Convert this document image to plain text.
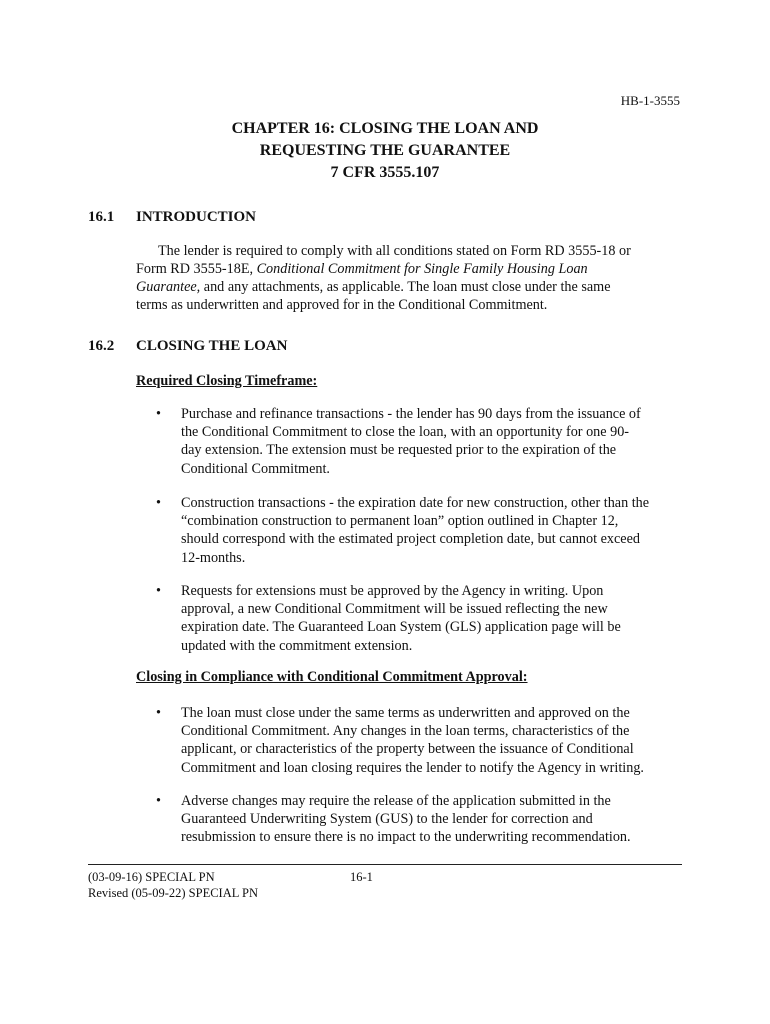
HB-1-3555
CHAPTER 16: CLOSING THE LOAN AND
REQUESTING THE GUARANTEE
7 CFR 3555.107
16.1 INTRODUCTION
The lender is required to comply with all conditions stated on Form RD 3555-18 or
Form RD 3555-18E, Conditional Commitment for Single Family Housing Loan
Guarantee, and any attachments, as applicable. The loan must close under the same
terms as underwritten and approved for in the Conditional Commitment.
16.2 CLOSING THE LOAN
Required Closing Timeframe:
• Purchase and refinance transactions - the lender has 90 days from the issuance of
the Conditional Commitment to close the loan, with an opportunity for one 90-
day extension. The extension must be requested prior to the expiration of the
Conditional Commitment.
• Construction transactions - the expiration date for new construction, other than the
“combination construction to permanent loan” option outlined in Chapter 12,
should correspond with the estimated project completion date, but cannot exceed
12-months.
• Requests for extensions must be approved by the Agency in writing. Upon
approval, a new Conditional Commitment will be issued reflecting the new
expiration date. The Guaranteed Loan System (GLS) application page will be
updated with the commitment extension.
Closing in Compliance with Conditional Commitment Approval:
• The loan must close under the same terms as underwritten and approved on the
Conditional Commitment. Any changes in the loan terms, characteristics of the
applicant, or characteristics of the property between the issuance of Conditional
Commitment and loan closing requires the lender to notify the Agency in writing.
• Adverse changes may require the release of the application submitted in the
Guaranteed Underwriting System (GUS) to the lender for correction and
resubmission to ensure there is no impact to the underwriting recommendation.
(03-09-16) SPECIAL PN
Revised (05-09-22) SPECIAL PN
16-1
